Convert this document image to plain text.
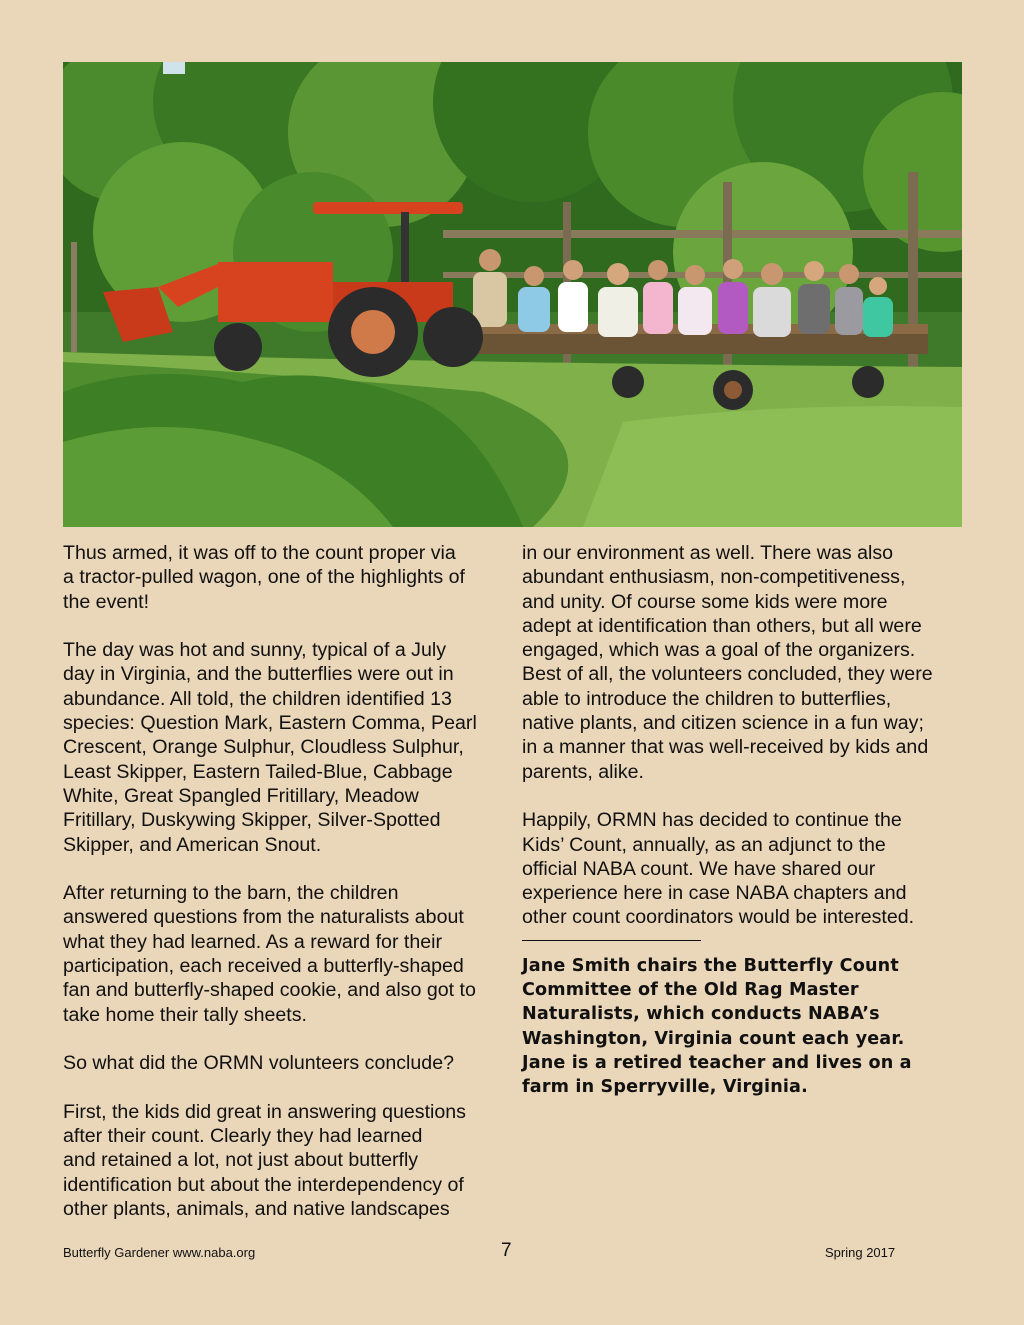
Thus armed, it was off to the count proper via
a tractor-pulled wagon, one of the highlights of
the event!
The day was hot and sunny, typical of a July
day in Virginia, and the butterflies were out in
abundance. All told, the children identified 13
species: Question Mark, Eastern Comma, Pearl
Crescent, Orange Sulphur, Cloudless Sulphur,
Least Skipper, Eastern Tailed-Blue, Cabbage
White, Great Spangled Fritillary, Meadow
Fritillary, Duskywing Skipper, Silver-Spotted
Skipper, and American Snout.
After returning to the barn, the children
answered questions from the naturalists about
what they had learned. As a reward for their
participation, each received a butterfly-shaped
fan and butterfly-shaped cookie, and also got to
take home their tally sheets.
So what did the ORMN volunteers conclude?
First, the kids did great in answering questions
after their count. Clearly they had learned
and retained a lot, not just about butterfly
identification but about the interdependency of
other plants, animals, and native landscapes
in our environment as well. There was also
abundant enthusiasm, non-competitiveness,
and unity. Of course some kids were more
adept at identification than others, but all were
engaged, which was a goal of the organizers.
Best of all, the volunteers concluded, they were
able to introduce the children to butterflies,
native plants, and citizen science in a fun way;
in a manner that was well-received by kids and
parents, alike.
Happily, ORMN has decided to continue the
Kids’ Count, annually, as an adjunct to the
official NABA count. We have shared our
experience here in case NABA chapters and
other count coordinators would be interested.
Jane Smith chairs the Butterfly Count
Committee of the Old Rag Master
Naturalists, which conducts NABA’s
Washington, Virginia count each year.
Jane is a retired teacher and lives on a
farm in Sperryville, Virginia.
Butterfly Gardener www.naba.org	7	Spring 2017
